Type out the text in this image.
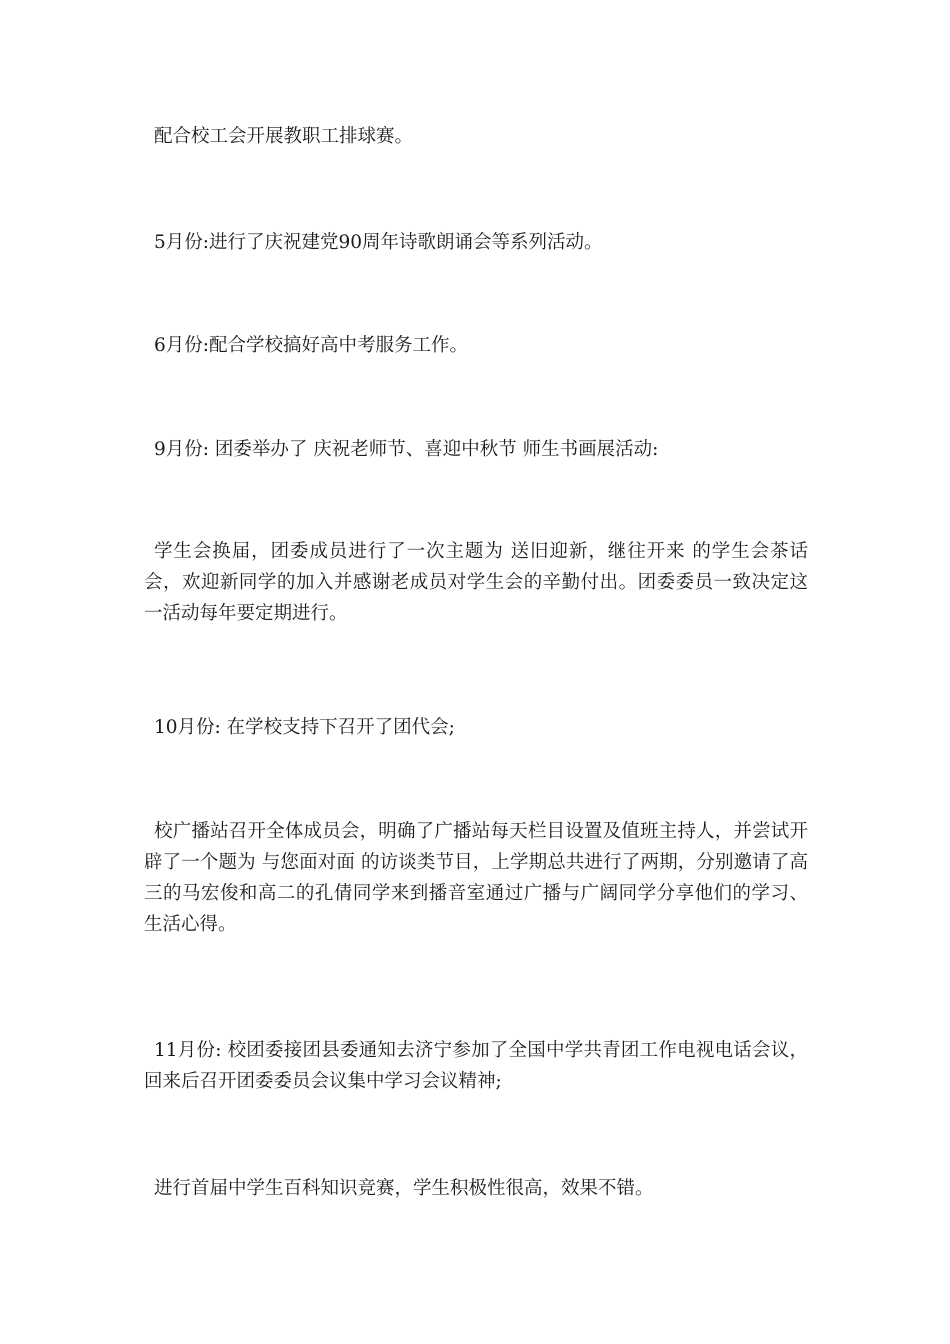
配合校工会开展教职工排球赛。

5月份:进行了庆祝建党90周年诗歌朗诵会等系列活动。

6月份:配合学校搞好高中考服务工作。

9月份: 团委举办了 庆祝老师节、喜迎中秋节 师生书画展活动:

学生会换届，团委成员进行了一次主题为 送旧迎新，继往开来 的学生会茶话会，欢迎新同学的加入并感谢老成员对学生会的辛勤付出。团委委员一致决定这一活动每年要定期进行。

10月份: 在学校支持下召开了团代会;

校广播站召开全体成员会，明确了广播站每天栏目设置及值班主持人，并尝试开辟了一个题为 与您面对面 的访谈类节目，上学期总共进行了两期，分别邀请了高三的马宏俊和高二的孔倩同学来到播音室通过广播与广阔同学分享他们的学习、生活心得。

11月份: 校团委接团县委通知去济宁参加了全国中学共青团工作电视电话会议，回来后召开团委委员会议集中学习会议精神;

进行首届中学生百科知识竞赛，学生积极性很高，效果不错。
